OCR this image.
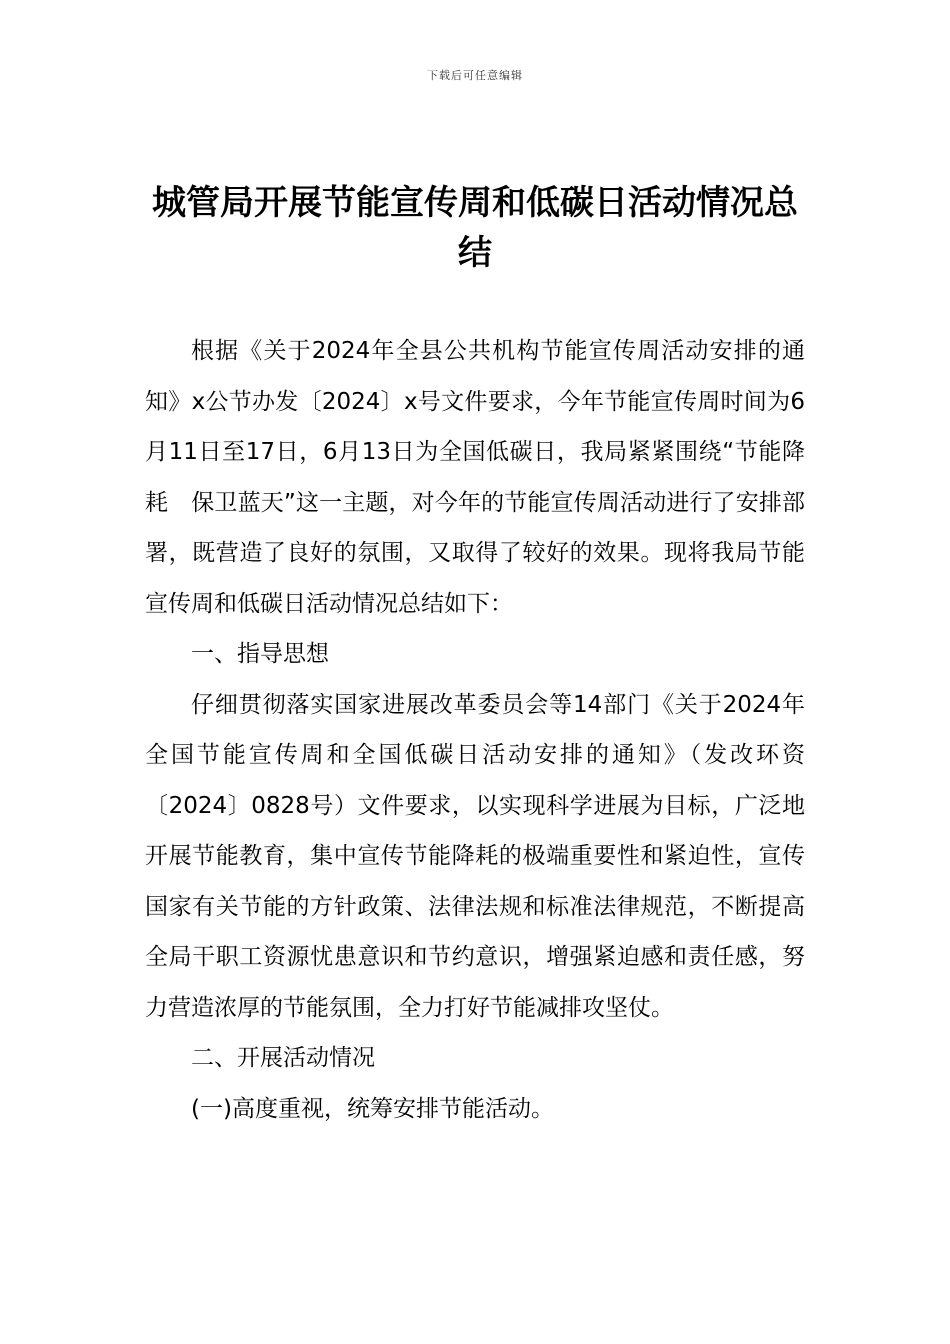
下载后可任意编辑
城管局开展节能宣传周和低碳日活动情况总结

根据《关于2024年全县公共机构节能宣传周活动安排的通知》x公节办发〔2024〕x号文件要求，今年节能宣传周时间为6月11日至17日，6月13日为全国低碳日，我局紧紧围绕“节能降耗　保卫蓝天”这一主题，对今年的节能宣传周活动进行了安排部署，既营造了良好的氛围，又取得了较好的效果。现将我局节能宣传周和低碳日活动情况总结如下：

一、指导思想

仔细贯彻落实国家进展改革委员会等14部门《关于2024年全国节能宣传周和全国低碳日活动安排的通知》（发改环资〔2024〕0828号）文件要求，以实现科学进展为目标，广泛地开展节能教育，集中宣传节能降耗的极端重要性和紧迫性，宣传国家有关节能的方针政策、法律法规和标准法律规范，不断提高全局干职工资源忧患意识和节约意识，增强紧迫感和责任感，努力营造浓厚的节能氛围，全力打好节能减排攻坚仗。

二、开展活动情况

(一)高度重视，统筹安排节能活动。
